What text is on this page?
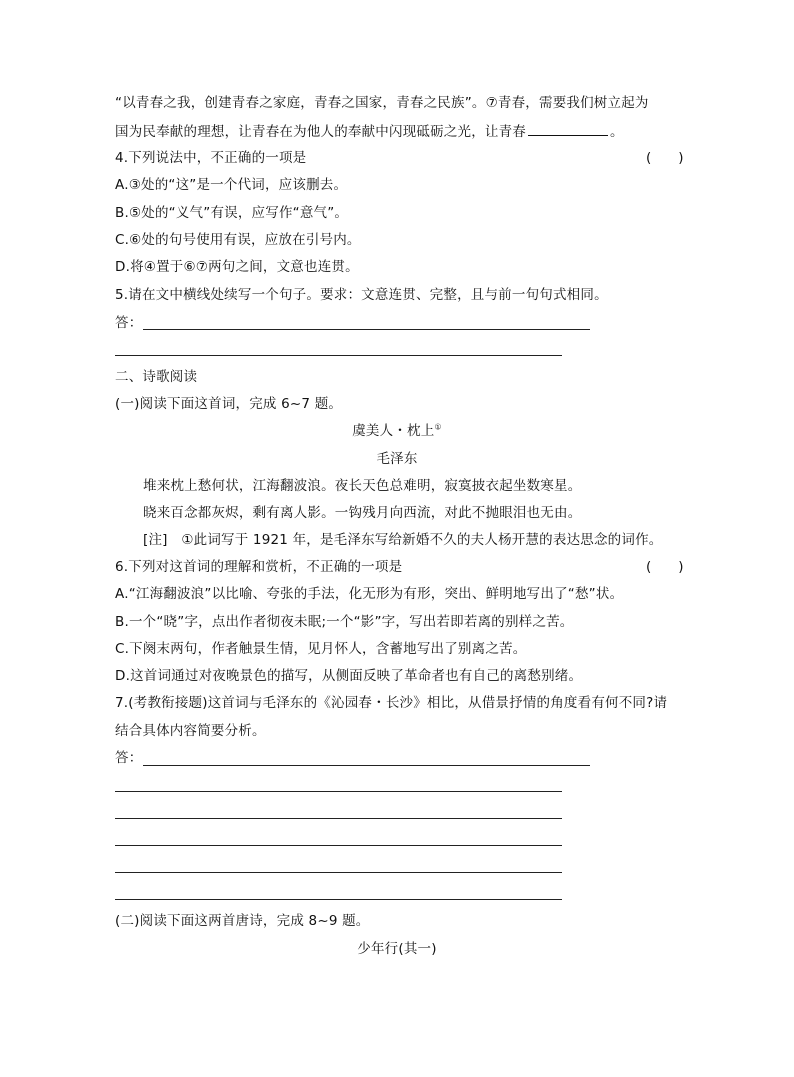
“以青春之我，创建青春之家庭，青春之国家，青春之民族”。⑦青春，需要我们树立起为
国为民奉献的理想，让青春在为他人的奉献中闪现砥砺之光，让青春	。
4.下列说法中，不正确的一项是	(　　)
A.③处的“这”是一个代词，应该删去。
B.⑤处的“义气”有误，应写作“意气”。
C.⑥处的句号使用有误，应放在引号内。
D.将④置于⑥⑦两句之间，文意也连贯。
5.请在文中横线处续写一个句子。要求：文意连贯、完整，且与前一句句式相同。
答：
二、诗歌阅读
(一)阅读下面这首词，完成 6~7 题。
虞美人・枕上①
毛泽东
堆来枕上愁何状，江海翻波浪。夜长天色总难明，寂寞披衣起坐数寒星。
晓来百念都灰烬，剩有离人影。一钩残月向西流，对此不抛眼泪也无由。
[注]　①此词写于 1921 年，是毛泽东写给新婚不久的夫人杨开慧的表达思念的词作。
6.下列对这首词的理解和赏析，不正确的一项是	(　　)
A.“江海翻波浪”以比喻、夸张的手法，化无形为有形，突出、鲜明地写出了“愁”状。
B.一个“晓”字，点出作者彻夜未眠;一个“影”字，写出若即若离的别样之苦。
C.下阕末两句，作者触景生情，见月怀人，含蓄地写出了别离之苦。
D.这首词通过对夜晚景色的描写，从侧面反映了革命者也有自己的离愁别绪。
7.(考教衔接题)这首词与毛泽东的《沁园春・长沙》相比，从借景抒情的角度看有何不同?请
结合具体内容简要分析。
答：
(二)阅读下面这两首唐诗，完成 8~9 题。
少年行(其一)
